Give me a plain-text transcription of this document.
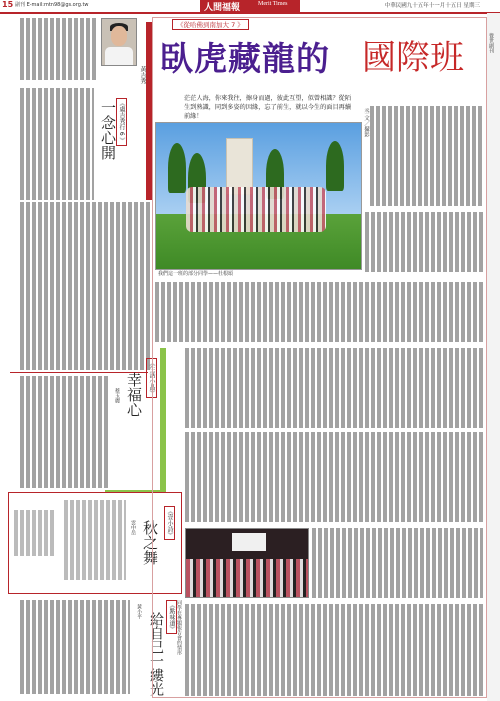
15 副刊 E-mail:mtn98@gs.org.tw	人間福報	Merit Times	中華民國九十五年十一月十五日 星期三
覺世副刊
《從哈佛到南加大 7 》
臥虎藏龍的 國際班
茫茫人海，你來我往，擦身而過，彼此互望，似曾相識？從陌生到熟識，同到多姿的因緣，忘了前生，就以今生的面目再續前緣！	丞 文／攝影
我們這一班的部分同學——杜根頌
同學在專題報告會的情形
黃吉秀
《盧吉秀行 6 》
一念心開
《生活小品》
幸福心
蔡玉麗
《壹小詩》
秋之舞
雲中岳
《點味道》
給自己一縷光
黃小平
